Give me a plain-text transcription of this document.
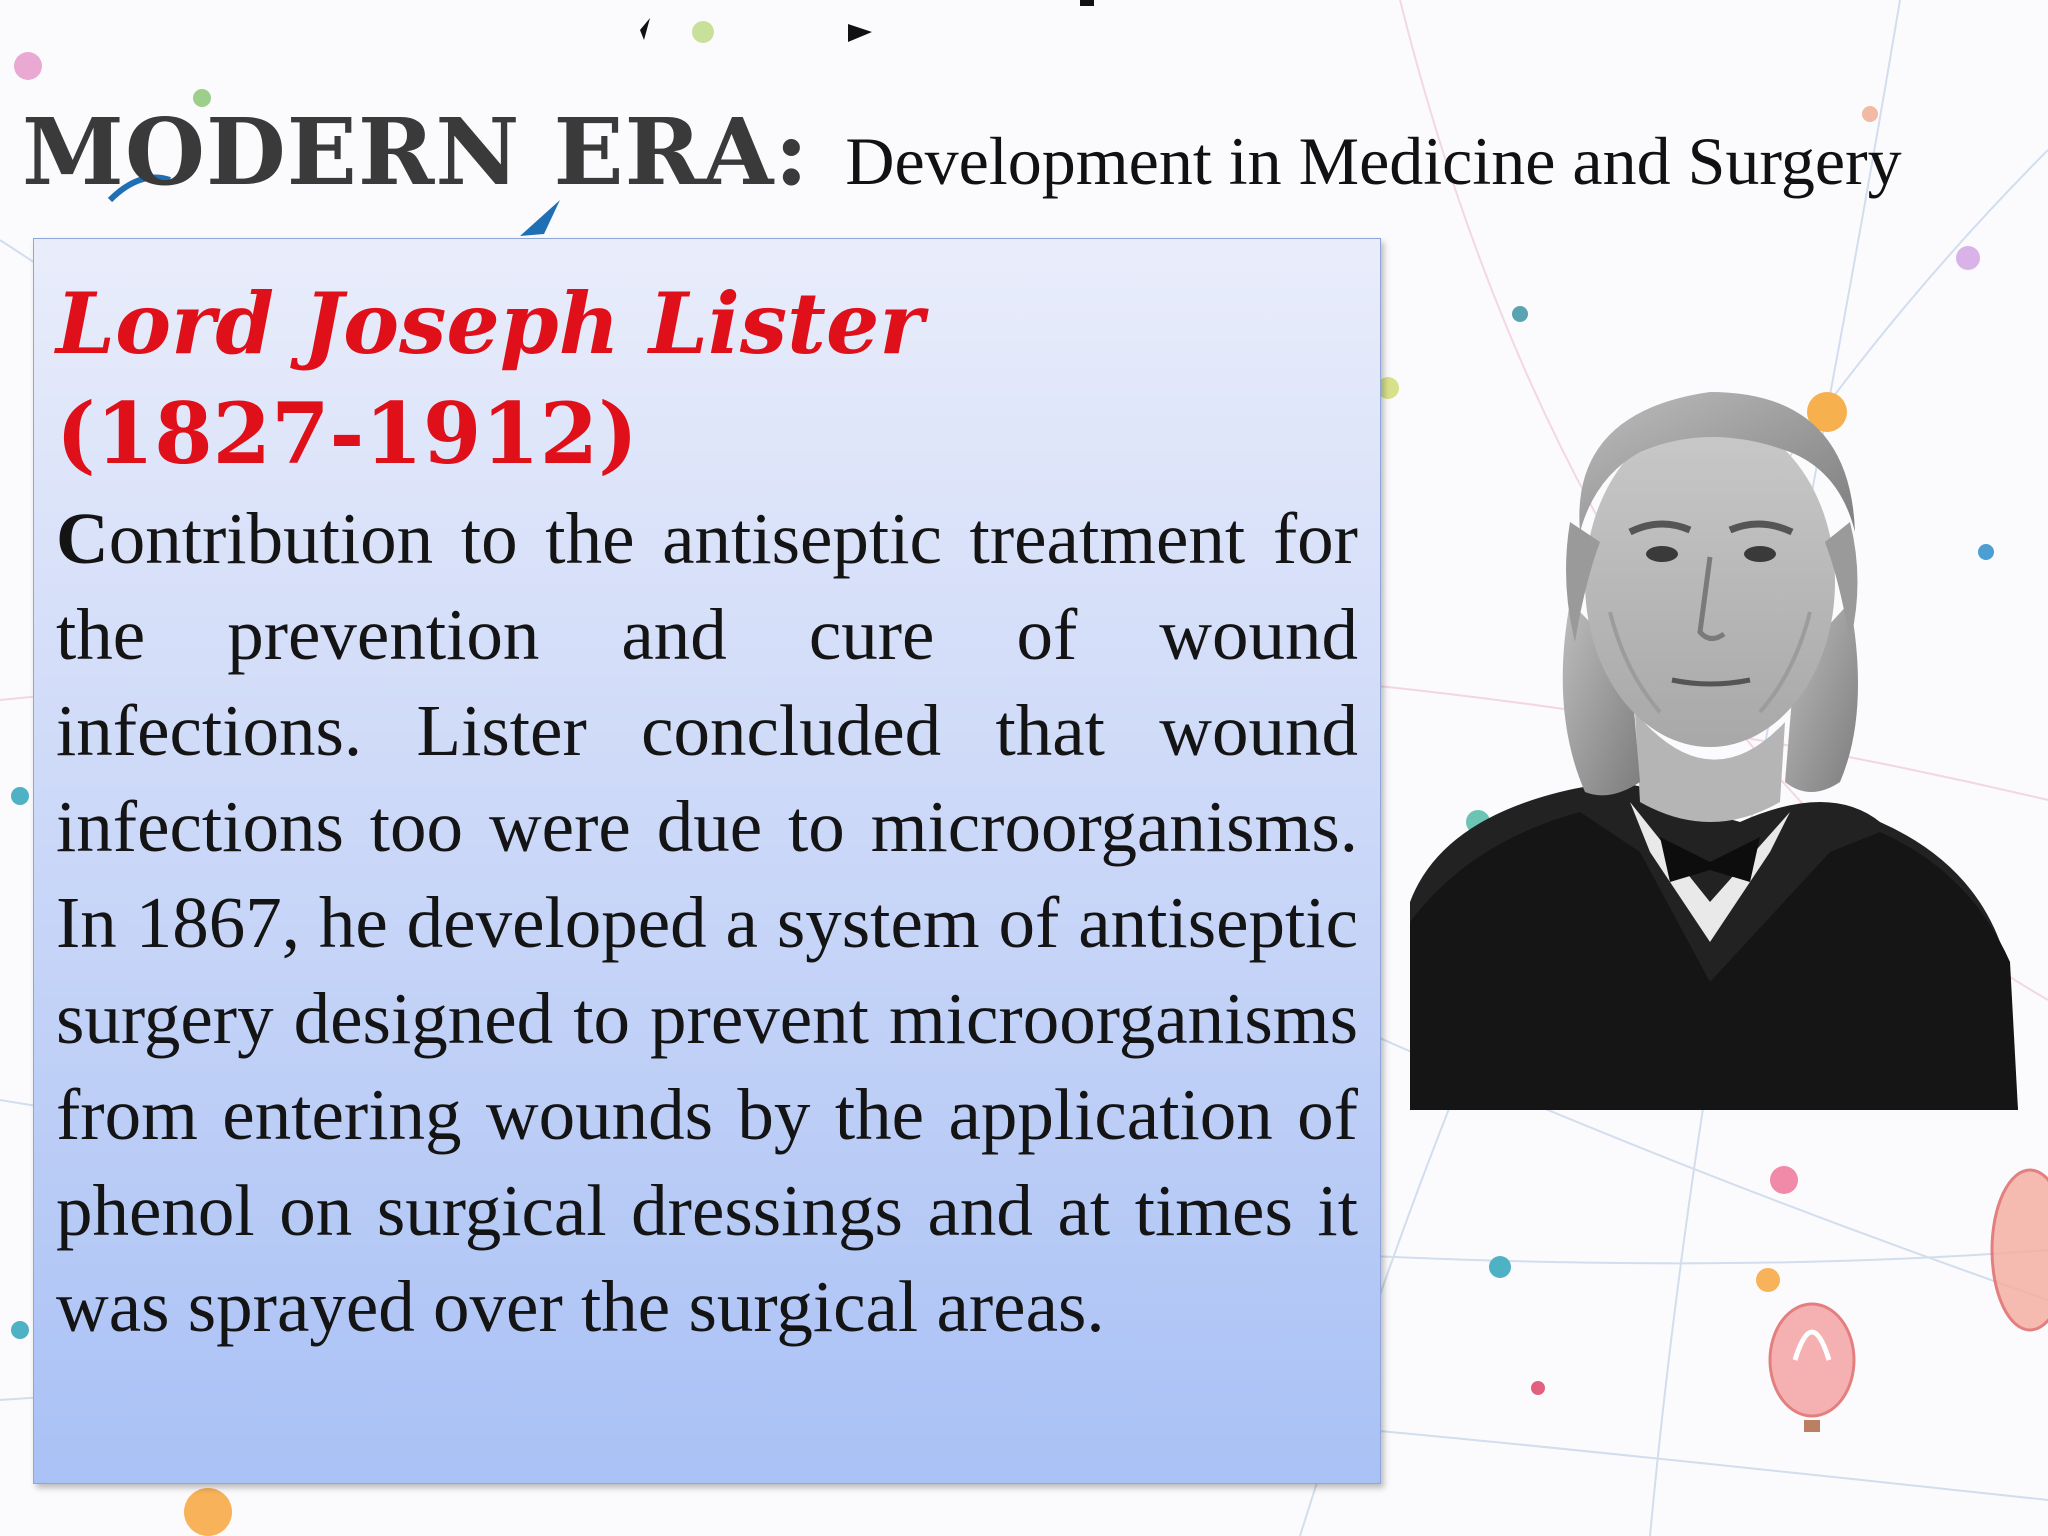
MODERN ERA: Development in Medicine and Surgery

Lord Joseph Lister

(1827-1912)

Contribution to the antiseptic treatment for the prevention and cure of wound infections. Lister concluded that wound infections too were due to microorganisms. In 1867, he developed a system of antiseptic surgery designed to prevent microorganisms from entering wounds by the application of phenol on surgical dressings and at times it was sprayed over the surgical areas.
